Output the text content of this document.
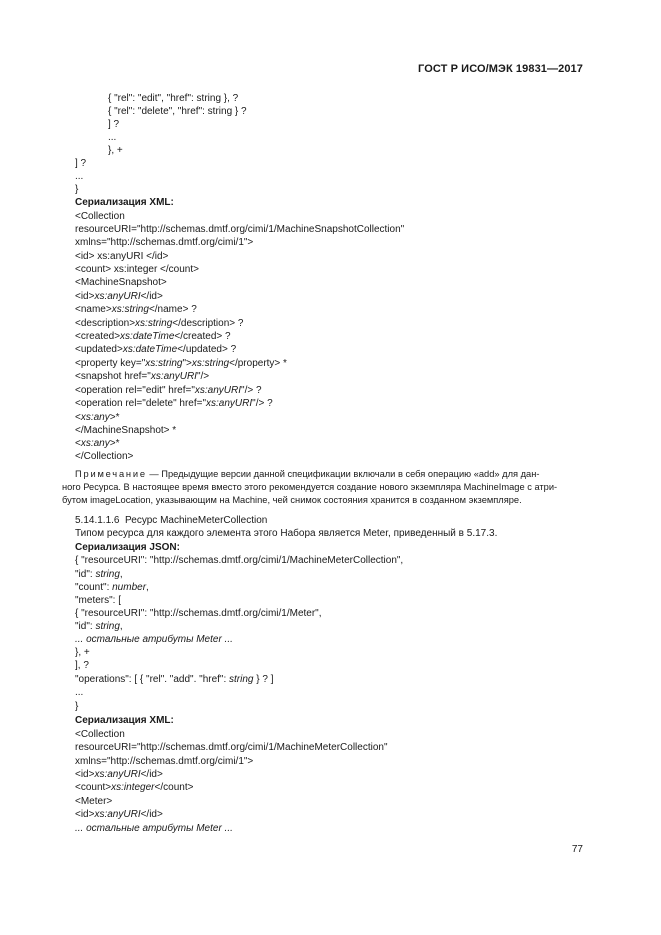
ГОСТ Р ИСО/МЭК 19831—2017
{ "rel": "edit", "href": string }, ?
{ "rel": "delete", "href": string } ?
] ?
...
}, +
] ?
...
}
Сериализация XML:
<Collection
resourceURI="http://schemas.dmtf.org/cimi/1/MachineSnapshotCollection"
xmlns="http://schemas.dmtf.org/cimi/1">
<id> xs:anyURI </id>
<count> xs:integer </count>
<MachineSnapshot>
<id>xs:anyURI</id>
<name>xs:string</name> ?
<description>xs:string</description> ?
<created>xs:dateTime</created> ?
<updated>xs:dateTime</updated> ?
<property key="xs:string">xs:string</property> *
<snapshot href="xs:anyURI"/>
<operation rel="edit" href="xs:anyURI"/> ?
<operation rel="delete" href="xs:anyURI"/> ?
<xs:any>*
</MachineSnapshot> *
<xs:any>*
</Collection>
Примечание — Предыдущие версии данной спецификации включали в себя операцию «add» для дан-
ного Ресурса. В настоящее время вместо этого рекомендуется создание нового экземпляра MachineImage с атри-
бутом imageLocation, указывающим на Machine, чей снимок состояния хранится в созданном экземпляре.
5.14.1.1.6 Ресурс MachineMeterCollection
Типом ресурса для каждого элемента этого Набора является Meter, приведенный в 5.17.3.
Сериализация JSON:
{ "resourceURI": "http://schemas.dmtf.org/cimi/1/MachineMeterCollection",
"id": string,
"count": number,
"meters": [
{ "resourceURI": "http://schemas.dmtf.org/cimi/1/Meter",
"id": string,
... остальные атрибуты Meter ...
}, +
], ?
"operations": [ { "rel". "add". "href": string } ? ]
...
}
Сериализация XML:
<Collection
resourceURI="http://schemas.dmtf.org/cimi/1/MachineMeterCollection"
xmlns="http://schemas.dmtf.org/cimi/1">
<id>xs:anyURI</id>
<count>xs:integer</count>
<Meter>
<id>xs:anyURI</id>
... остальные атрибуты Meter ...
77
